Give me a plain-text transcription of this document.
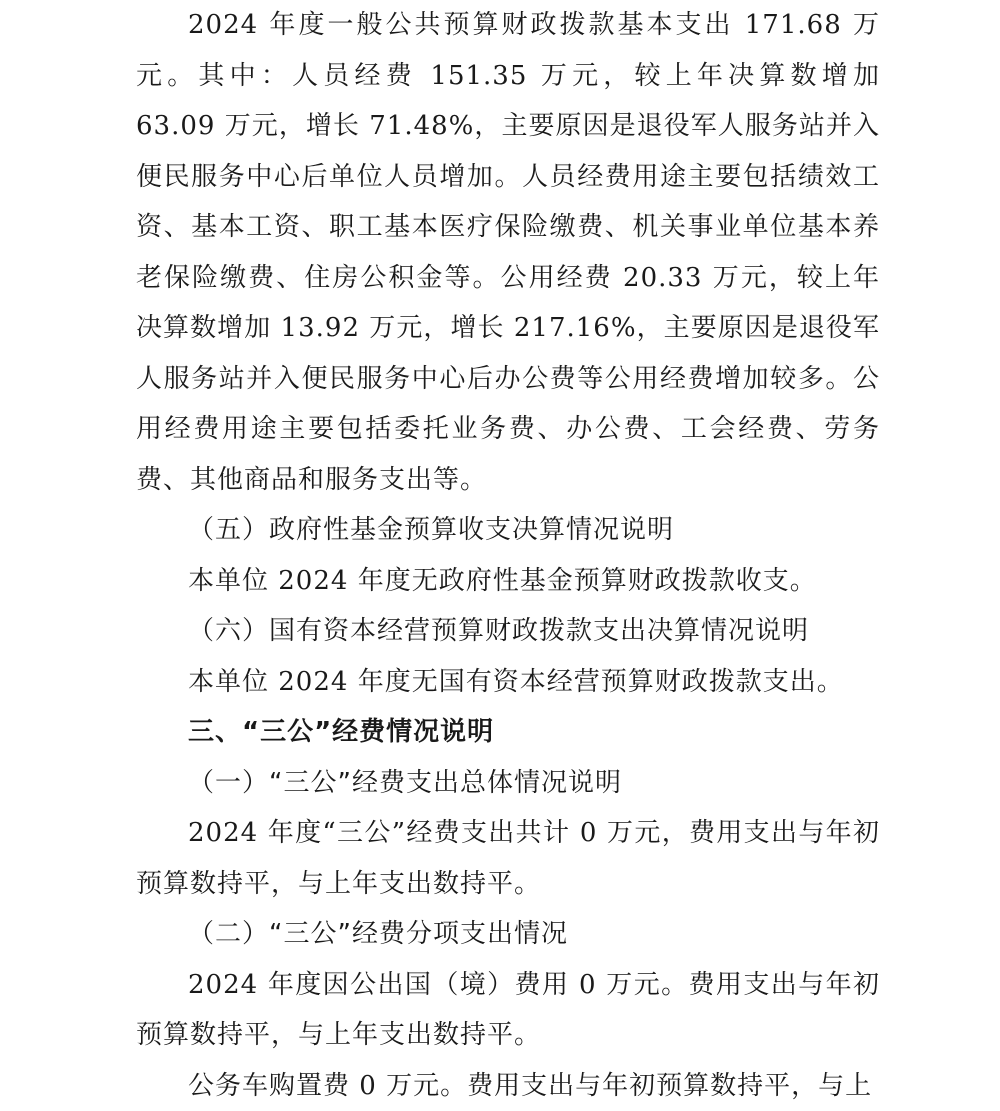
2024 年度一般公共预算财政拨款基本支出 171.68 万元。其中：人员经费 151.35 万元，较上年决算数增加 63.09 万元，增长 71.48%，主要原因是退役军人服务站并入便民服务中心后单位人员增加。人员经费用途主要包括绩效工资、基本工资、职工基本医疗保险缴费、机关事业单位基本养老保险缴费、住房公积金等。公用经费 20.33 万元，较上年决算数增加 13.92 万元，增长 217.16%，主要原因是退役军人服务站并入便民服务中心后办公费等公用经费增加较多。公用经费用途主要包括委托业务费、办公费、工会经费、劳务费、其他商品和服务支出等。

（五）政府性基金预算收支决算情况说明

本单位 2024 年度无政府性基金预算财政拨款收支。

（六）国有资本经营预算财政拨款支出决算情况说明

本单位 2024 年度无国有资本经营预算财政拨款支出。

三、“三公”经费情况说明

（一）“三公”经费支出总体情况说明

2024 年度“三公”经费支出共计 0 万元，费用支出与年初预算数持平，与上年支出数持平。

（二）“三公”经费分项支出情况

2024 年度因公出国（境）费用 0 万元。费用支出与年初预算数持平，与上年支出数持平。

公务车购置费 0 万元。费用支出与年初预算数持平，与上
